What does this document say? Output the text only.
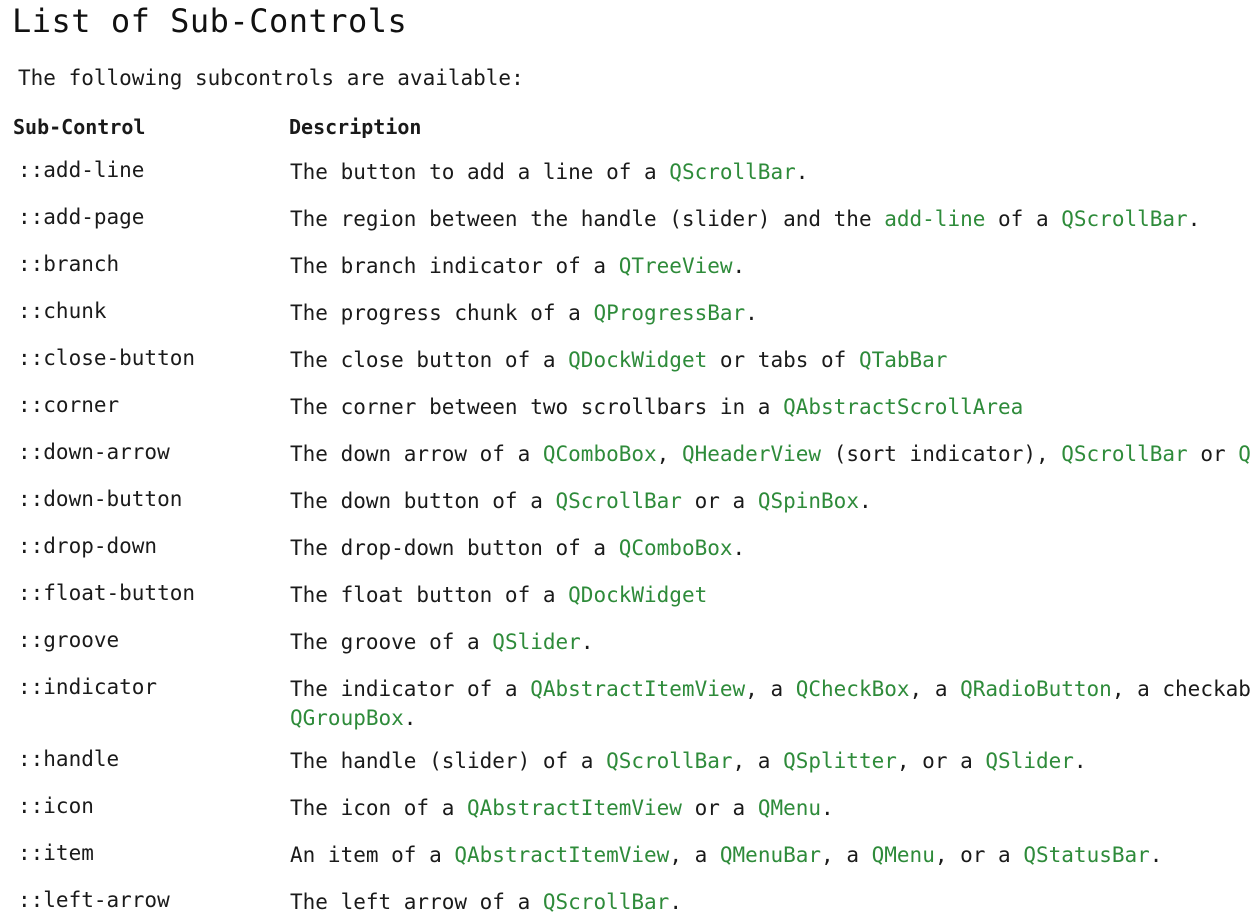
List of Sub-Controls

The following subcontrols are available:

Sub-Control	Description
::add-line	The button to add a line of a QScrollBar.
::add-page	The region between the handle (slider) and the add-line of a QScrollBar.
::branch	The branch indicator of a QTreeView.
::chunk	The progress chunk of a QProgressBar.
::close-button	The close button of a QDockWidget or tabs of QTabBar
::corner	The corner between two scrollbars in a QAbstractScrollArea
::down-arrow	The down arrow of a QComboBox, QHeaderView (sort indicator), QScrollBar or Q
::down-button	The down button of a QScrollBar or a QSpinBox.
::drop-down	The drop-down button of a QComboBox.
::float-button	The float button of a QDockWidget
::groove	The groove of a QSlider.
::indicator	The indicator of a QAbstractItemView, a QCheckBox, a QRadioButton, a checkab
QGroupBox.
::handle	The handle (slider) of a QScrollBar, a QSplitter, or a QSlider.
::icon	The icon of a QAbstractItemView or a QMenu.
::item	An item of a QAbstractItemView, a QMenuBar, a QMenu, or a QStatusBar.
::left-arrow	The left arrow of a QScrollBar.
